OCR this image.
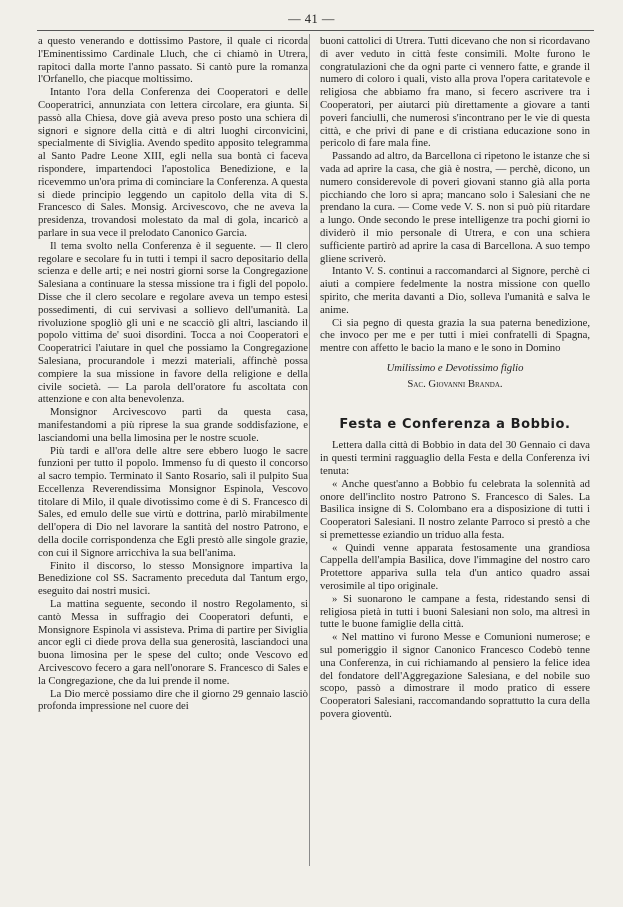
— 41 —

a questo venerando e dottissimo Pastore, il quale ci ricorda l'Eminentissimo Cardinale Lluch, che ci chiamò in Utrera, rapitoci dalla morte l'anno passato. Si cantò pure la romanza l'Orfanello, che piacque moltissimo.

Intanto l'ora della Conferenza dei Cooperatori e delle Cooperatrici, annunziata con lettera circolare, era giunta. Si passò alla Chiesa, dove già aveva preso posto una schiera di signori e signore della città e di altri luoghi circonvicini, specialmente di Siviglia. Avendo spedito apposito telegramma al Santo Padre Leone XIII, egli nella sua bontà ci faceva rispondere, impartendoci l'apostolica Benedizione, e la ricevemmo un'ora prima di cominciare la Conferenza. A questa si diede principio leggendo un capitolo della vita di S. Francesco di Sales. Monsig. Arcivescovo, che ne aveva la presidenza, trovandosi molestato da mal di gola, incaricò a parlare in sua vece il prelodato Canonico Garcia.

Il tema svolto nella Conferenza è il seguente. — Il clero regolare e secolare fu in tutti i tempi il sacro depositario della scienza e delle arti; e nei nostri giorni sorse la Congregazione Salesiana a continuare la stessa missione tra i figli del popolo. Disse che il clero secolare e regolare aveva un tempo estesi possedimenti, di cui servivasi a sollievo dell'umanità. La rivoluzione spogliò gli uni e ne scacciò gli altri, lasciando il popolo vittima de' suoi disordini. Tocca a noi Cooperatori e Cooperatrici l'aiutare in quel che possiamo la Congregazione Salesiana, procurandole i mezzi materiali, affinchè possa compiere la sua missione in favore della religione e della civile società. — La parola dell'oratore fu ascoltata con attenzione e con alta benevolenza.

Monsignor Arcivescovo partì da questa casa, manifestandomi a più riprese la sua grande soddisfazione, e lasciandomi una bella limosina per le nostre scuole.

Più tardi e all'ora delle altre sere ebbero luogo le sacre funzioni per tutto il popolo. Immenso fu di questo il concorso al sacro tempio. Terminato il Santo Rosario, salì il pulpito Sua Eccellenza Reverendissima Monsignor Espinola, Vescovo titolare di Milo, il quale divotissimo come è di S. Francesco di Sales, ed emulo delle sue virtù e dottrina, parlò mirabilmente dell'opera di Dio nel lavorare la santità del nostro Patrono, e della docile corrispondenza che Egli prestò alle singole grazie, con cui il Signore arricchiva la sua bell'anima.

Finito il discorso, lo stesso Monsignore impartiva la Benedizione col SS. Sacramento preceduta dal Tantum ergo, eseguito dai nostri musici.

La mattina seguente, secondo il nostro Regolamento, si cantò Messa in suffragio dei Cooperatori defunti, e Monsignore Espinola vi assisteva. Prima di partire per Siviglia ancor egli ci diede prova della sua generosità, lasciandoci una buona limosina per le spese del culto; onde Vescovo ed Arcivescovo fecero a gara nell'onorare S. Francesco di Sales e la Congregazione, che da lui prende il nome.

La Dio mercè possiamo dire che il giorno 29 gennaio lasciò profonda impressione nel cuore dei

buoni cattolici di Utrera. Tutti dicevano che non si ricordavano di aver veduto in città feste consimili. Molte furono le congratulazioni che da ogni parte ci vennero fatte, e grande il numero di coloro i quali, visto alla prova l'opera caritatevole e religiosa che abbiamo fra mano, si fecero ascrivere tra i Cooperatori, per aiutarci più direttamente a giovare a tanti poveri fanciulli, che numerosi s'incontrano per le vie di questa città, e che privi di pane e di cristiana educazione sono in pericolo di fare mala fine.

Passando ad altro, da Barcellona ci ripetono le istanze che si vada ad aprire la casa, che già è nostra, — perchè, dicono, un numero considerevole di poveri giovani stanno già alla porta picchiando che loro si apra; mancano solo i Salesiani che ne prendano la cura. — Come vede V. S. non si può più ritardare a lungo. Onde secondo le prese intelligenze tra pochi giorni io dividerò il mio personale di Utrera, e con una schiera sufficiente partirò ad aprire la casa di Barcellona. A suo tempo gliene scriverò.

Intanto V. S. continui a raccomandarci al Signore, perchè ci aiuti a compiere fedelmente la nostra missione con quello spirito, che merita davanti a Dio, solleva l'umanità e salva le anime.

Ci sia pegno di questa grazia la sua paterna benedizione, che invoco per me e per tutti i miei confratelli di Spagna, mentre con affetto le bacio la mano e le sono in Domino

Umilissimo e Devotissimo figlio
Sac. Giovanni Branda.
Festa e Conferenza a Bobbio.

Lettera dalla città di Bobbio in data del 30 Gennaio ci dava in questi termini ragguaglio della Festa e della Conferenza ivi tenuta:

« Anche quest'anno a Bobbio fu celebrata la solennità ad onore dell'inclito nostro Patrono S. Francesco di Sales. La Basilica insigne di S. Colombano era a disposizione di tutti i Cooperatori Salesiani. Il nostro zelante Parroco si prestò a che si premettesse eziandio un triduo alla festa.

« Quindi venne apparata festosamente una grandiosa Cappella dell'ampia Basilica, dove l'immagine del nostro caro Protettore appariva sulla tela d'un antico quadro assai verosimile al tipo originale.

» Si suonarono le campane a festa, ridestando sensi di religiosa pietà in tutti i buoni Salesiani non solo, ma altresì in tutte le buone famiglie della città.

« Nel mattino vi furono Messe e Comunioni numerose; e sul pomeriggio il signor Canonico Francesco Codebò tenne una Conferenza, in cui richiamando al pensiero la felice idea del fondatore dell'Aggregazione Salesiana, e del nobile suo scopo, passò a dimostrare il modo pratico di essere Cooperatori Salesiani, raccomandando soprattutto la cura della povera gioventù.
